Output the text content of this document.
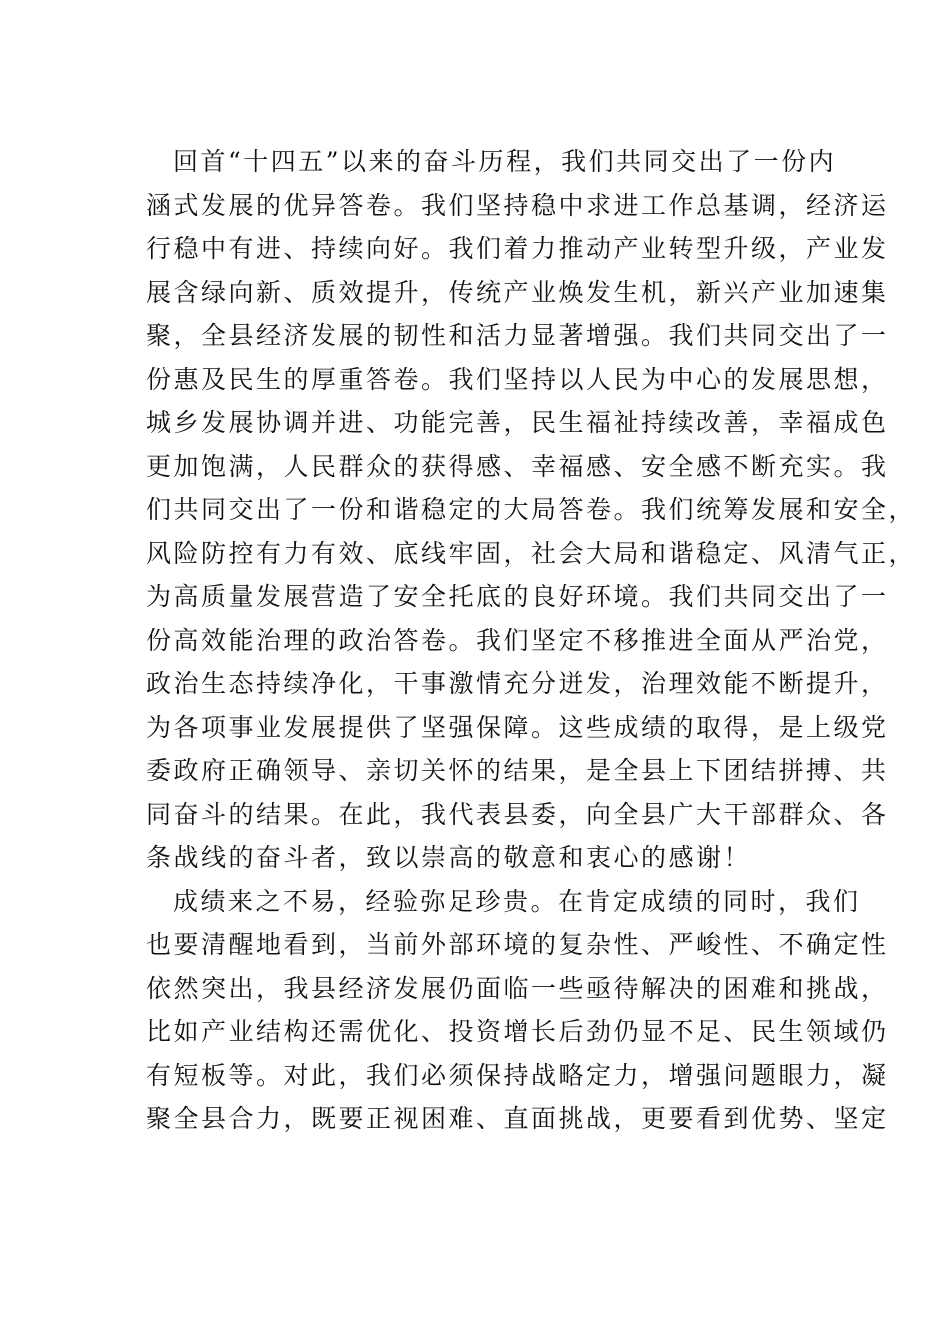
回首“十四五”以来的奋斗历程，我们共同交出了一份内
涵式发展的优异答卷。我们坚持稳中求进工作总基调，经济运
行稳中有进、持续向好。我们着力推动产业转型升级，产业发
展含绿向新、质效提升，传统产业焕发生机，新兴产业加速集
聚，全县经济发展的韧性和活力显著增强。我们共同交出了一
份惠及民生的厚重答卷。我们坚持以人民为中心的发展思想，
城乡发展协调并进、功能完善，民生福祉持续改善，幸福成色
更加饱满，人民群众的获得感、幸福感、安全感不断充实。我
们共同交出了一份和谐稳定的大局答卷。我们统筹发展和安全，
风险防控有力有效、底线牢固，社会大局和谐稳定、风清气正，
为高质量发展营造了安全托底的良好环境。我们共同交出了一
份高效能治理的政治答卷。我们坚定不移推进全面从严治党，
政治生态持续净化，干事激情充分迸发，治理效能不断提升，
为各项事业发展提供了坚强保障。这些成绩的取得，是上级党
委政府正确领导、亲切关怀的结果，是全县上下团结拼搏、共
同奋斗的结果。在此，我代表县委，向全县广大干部群众、各
条战线的奋斗者，致以崇高的敬意和衷心的感谢！
成绩来之不易，经验弥足珍贵。在肯定成绩的同时，我们
也要清醒地看到，当前外部环境的复杂性、严峻性、不确定性
依然突出，我县经济发展仍面临一些亟待解决的困难和挑战，
比如产业结构还需优化、投资增长后劲仍显不足、民生领域仍
有短板等。对此，我们必须保持战略定力，增强问题眼力，凝
聚全县合力，既要正视困难、直面挑战，更要看到优势、坚定
